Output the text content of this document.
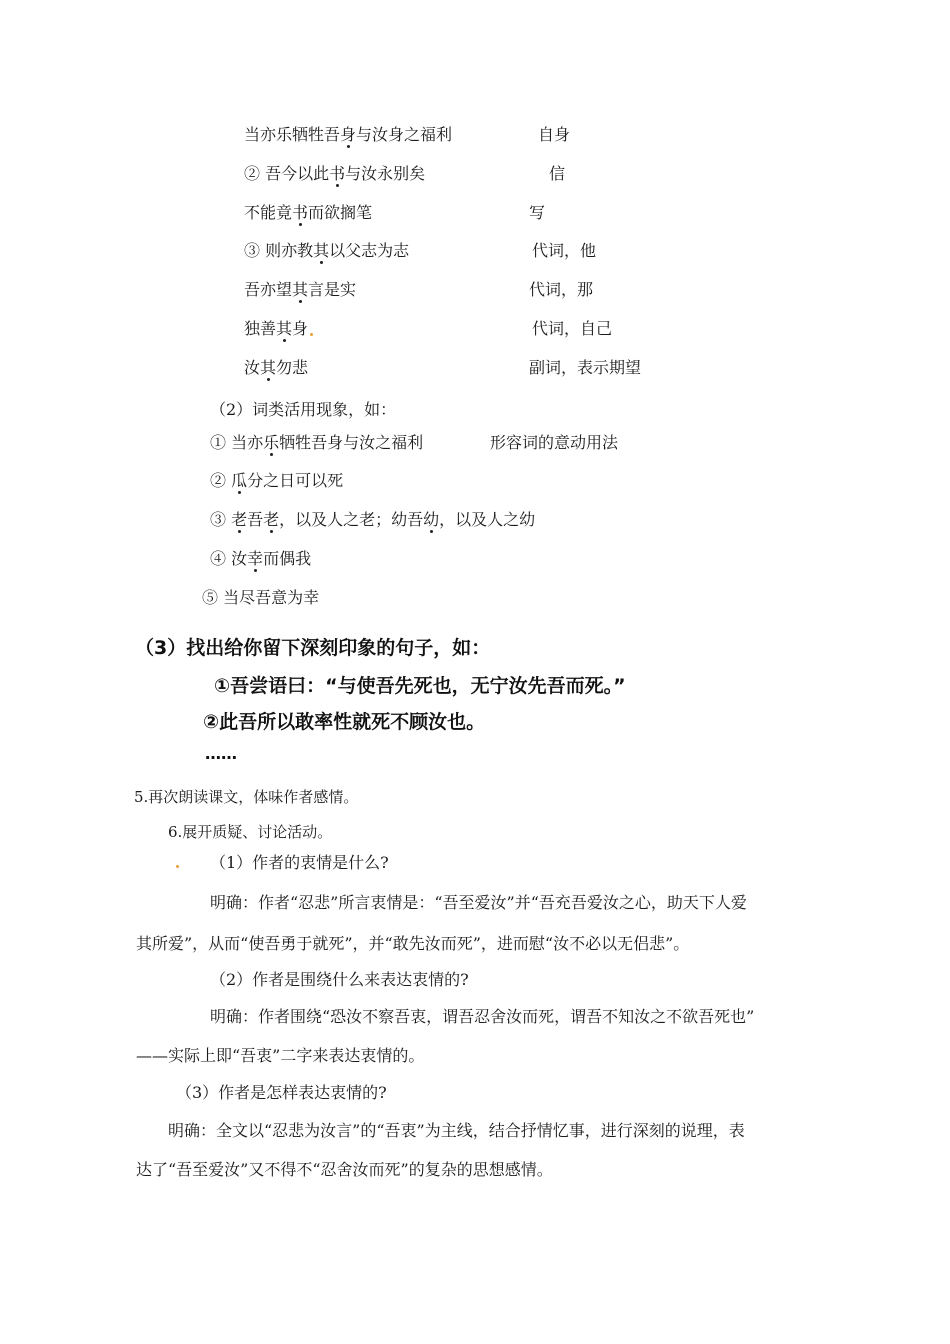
当亦乐牺牲吾身与汝身之福利	自身
② 吾今以此书与汝永别矣	信
不能竟书而欲搁笔	写
③ 则亦教其以父志为志	代词，他
吾亦望其言是实	代词，那
独善其身	代词，自己
汝其勿悲	副词，表示期望
（2）词类活用现象，如：
① 当亦乐牺牲吾身与汝之福利	形容词的意动用法
② 瓜分之日可以死
③ 老吾老，以及人之老；幼吾幼，以及人之幼
④ 汝幸而偶我
⑤ 当尽吾意为幸
（3）找出给你留下深刻印象的句子，如：
①吾尝语曰：“与使吾先死也，无宁汝先吾而死。”
②此吾所以敢率性就死不顾汝也。
……
5.再次朗读课文，体味作者感情。
6.展开质疑、讨论活动。
（1）作者的衷情是什么?
明确：作者“忍悲”所言衷情是：“吾至爱汝”并“吾充吾爱汝之心，助天下人爱
其所爱”，从而“使吾勇于就死”，并“敢先汝而死”，进而慰“汝不必以无侣悲”。
（2）作者是围绕什么来表达衷情的?
明确：作者围绕“恐汝不察吾衷，谓吾忍舍汝而死，谓吾不知汝之不欲吾死也”
——实际上即“吾衷”二字来表达衷情的。
（3）作者是怎样表达衷情的?
明确：全文以“忍悲为汝言”的“吾衷”为主线，结合抒情忆事，进行深刻的说理，表
达了“吾至爱汝”又不得不“忍舍汝而死”的复杂的思想感情。
